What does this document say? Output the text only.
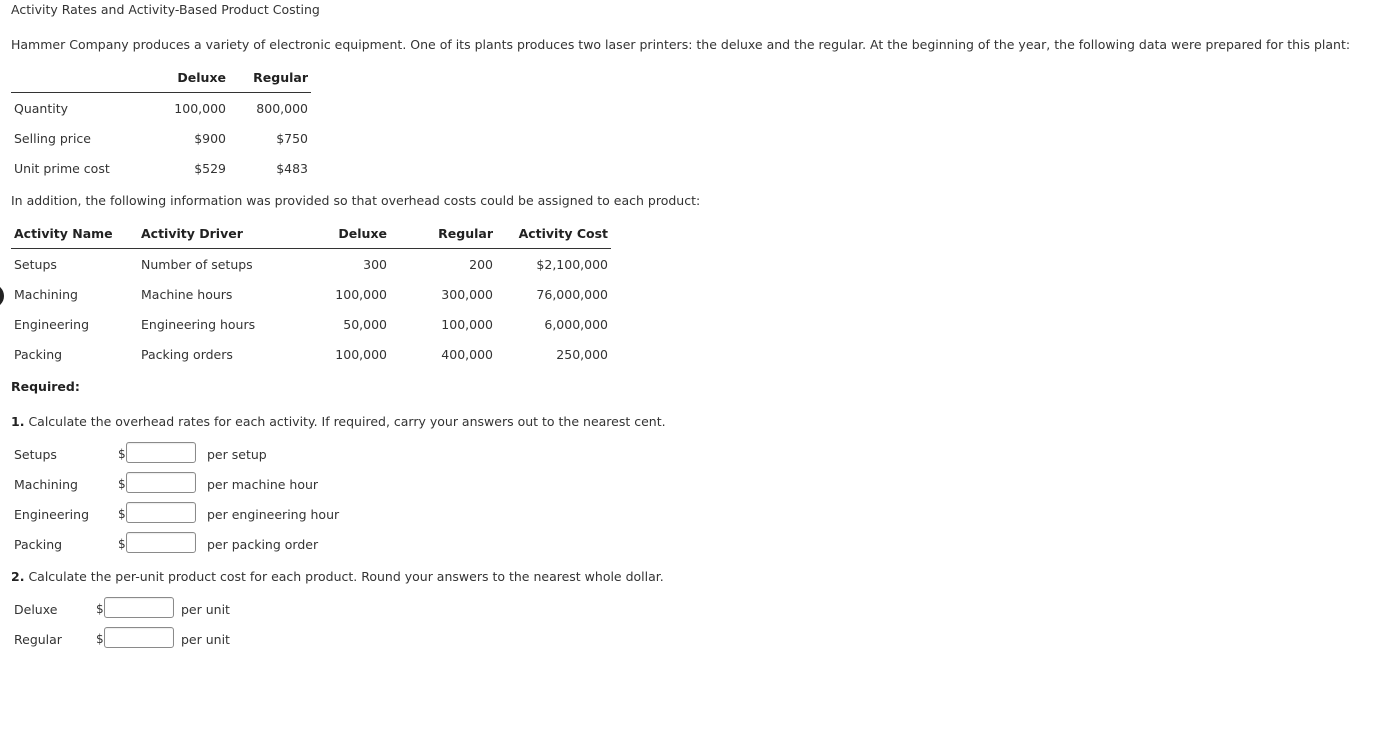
Activity Rates and Activity-Based Product Costing
Hammer Company produces a variety of electronic equipment. One of its plants produces two laser printers: the deluxe and the regular. At the beginning of the year, the following data were prepared for this plant:
Deluxe	Regular
Quantity	100,000	800,000
Selling price	$900	$750
Unit prime cost	$529	$483
In addition, the following information was provided so that overhead costs could be assigned to each product:
Activity Name Activity Driver	Deluxe	Regular	Activity Cost
Setups	Number of setups	300	200	$2,100,000
Machining	Machine hours	100,000	300,000	76,000,000
Engineering	Engineering hours	50,000	100,000	6,000,000
Packing	Packing orders	100,000	400,000	250,000
Required:
1. Calculate the overhead rates for each activity. If required, carry your answers out to the nearest cent.
Setups	$	per setup
Machining	$	per machine hour
Engineering $	per engineering hour
Packing	$	per packing order
2. Calculate the per-unit product cost for each product. Round your answers to the nearest whole dollar.
Deluxe	$	per unit
Regular	$	per unit
